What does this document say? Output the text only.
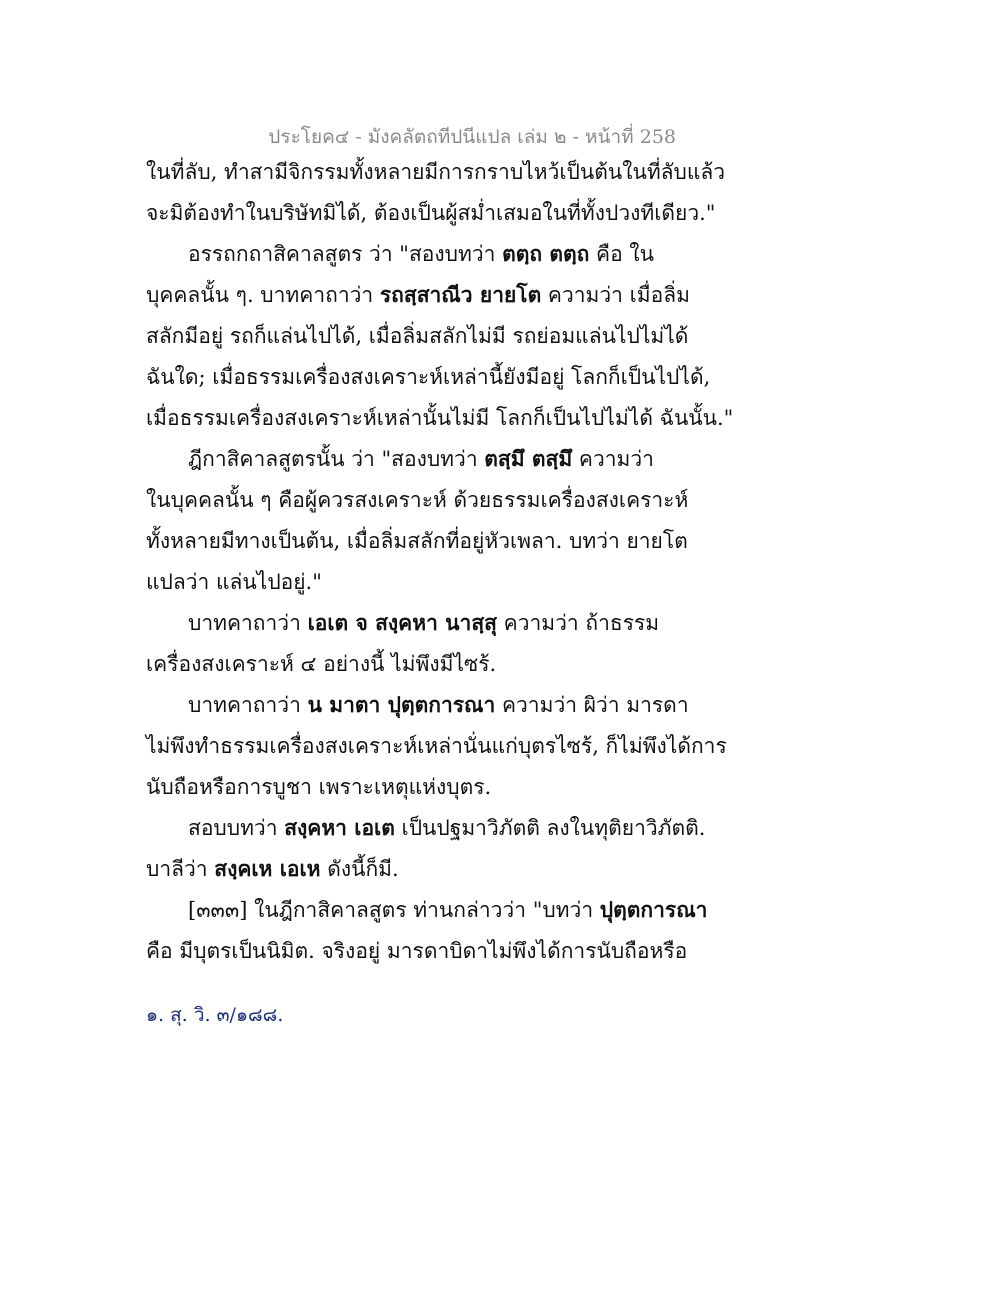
ประโยค๔ - มังคลัตถทีปนีแปล เล่ม ๒ - หน้าที่ 258
ในที่ลับ, ทำสามีจิกรรมทั้งหลายมีการกราบไหว้เป็นต้นในที่ลับแล้ว
จะมิต้องทำในบริษัทมิได้, ต้องเป็นผู้สม่ำเสมอในที่ทั้งปวงทีเดียว."
อรรถกถาสิคาลสูตร ว่า "สองบทว่า ตตฺถ ตตฺถ คือ ใน
บุคคลนั้น ๆ. บาทคาถาว่า รถสฺสาณีว ยายโต ความว่า เมื่อลิ่ม
สลักมีอยู่ รถก็แล่นไปได้, เมื่อลิ่มสลักไม่มี รถย่อมแล่นไปไม่ได้
ฉันใด; เมื่อธรรมเครื่องสงเคราะห์เหล่านี้ยังมีอยู่ โลกก็เป็นไปได้,
เมื่อธรรมเครื่องสงเคราะห์เหล่านั้นไม่มี โลกก็เป็นไปไม่ได้ ฉันนั้น."
ฎีกาสิคาลสูตรนั้น ว่า "สองบทว่า ตสฺมึ ตสฺมึ ความว่า
ในบุคคลนั้น ๆ คือผู้ควรสงเคราะห์ ด้วยธรรมเครื่องสงเคราะห์
ทั้งหลายมีทางเป็นต้น, เมื่อลิ่มสลักที่อยู่หัวเพลา. บทว่า ยายโต
แปลว่า แล่นไปอยู่."
บาทคาถาว่า เอเต จ สงฺคหา นาสฺสุ ความว่า ถ้าธรรม
เครื่องสงเคราะห์ ๔ อย่างนี้ ไม่พึงมีไซร้.
บาทคาถาว่า น มาตา ปุตฺตการณา ความว่า ผิว่า มารดา
ไม่พึงทำธรรมเครื่องสงเคราะห์เหล่านั่นแก่บุตรไซร้, ก็ไม่พึงได้การ
นับถือหรือการบูชา เพราะเหตุแห่งบุตร.
สอบบทว่า สงฺคหา เอเต เป็นปฐมาวิภัตติ ลงในทุติยาวิภัตติ.
บาลีว่า สงฺคเห เอเห ดังนี้ก็มี.
[๓๓๓] ในฎีกาสิคาลสูตร ท่านกล่าวว่า "บทว่า ปุตฺตการณา
คือ มีบุตรเป็นนิมิต. จริงอยู่ มารดาบิดาไม่พึงได้การนับถือหรือ
๑. สุ. วิ. ๓/๑๘๘.
